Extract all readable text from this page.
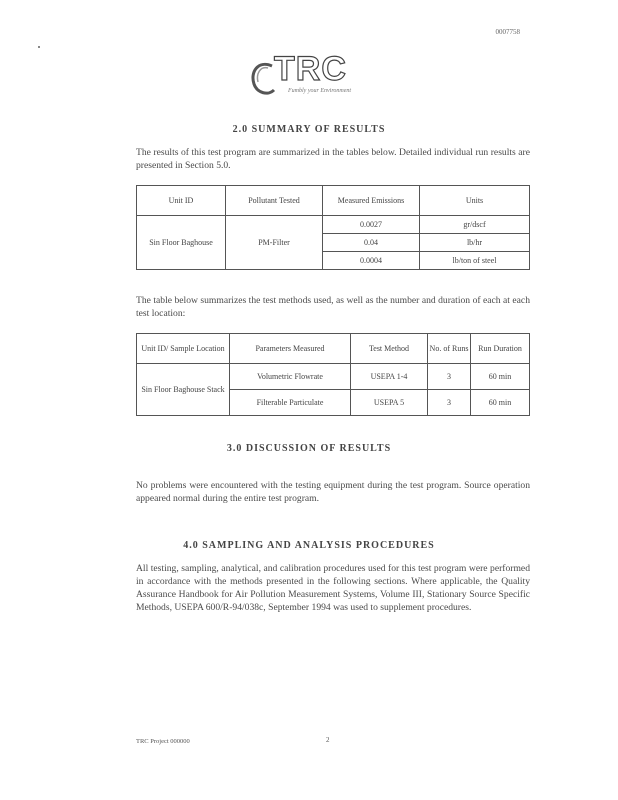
0007758
TRC
Fumbly your Environment
2.0 SUMMARY OF RESULTS

The results of this test program are summarized in the tables below. Detailed individual run results are presented in Section 5.0.

Unit ID	Pollutant Tested	Measured Emissions	Units
Sin Floor Baghouse	PM-Filter	0.0027	gr/dscf
		0.04	lb/hr
		0.0004	lb/ton of steel

The table below summarizes the test methods used, as well as the number and duration of each at each test location:

Unit ID/ Sample Location	Parameters Measured	Test Method	No. of Runs	Run Duration
Sin Floor Baghouse Stack	Volumetric Flowrate	USEPA 1-4	3	60 min
	Filterable Particulate	USEPA 5	3	60 min
3.0 DISCUSSION OF RESULTS

No problems were encountered with the testing equipment during the test program. Source operation appeared normal during the entire test program.

4.0 SAMPLING AND ANALYSIS PROCEDURES

All testing, sampling, analytical, and calibration procedures used for this test program were performed in accordance with the methods presented in the following sections. Where applicable, the Quality Assurance Handbook for Air Pollution Measurement Systems, Volume III, Stationary Source Specific Methods, USEPA 600/R-94/038c, September 1994 was used to supplement procedures.

TRC Project 000000	2
